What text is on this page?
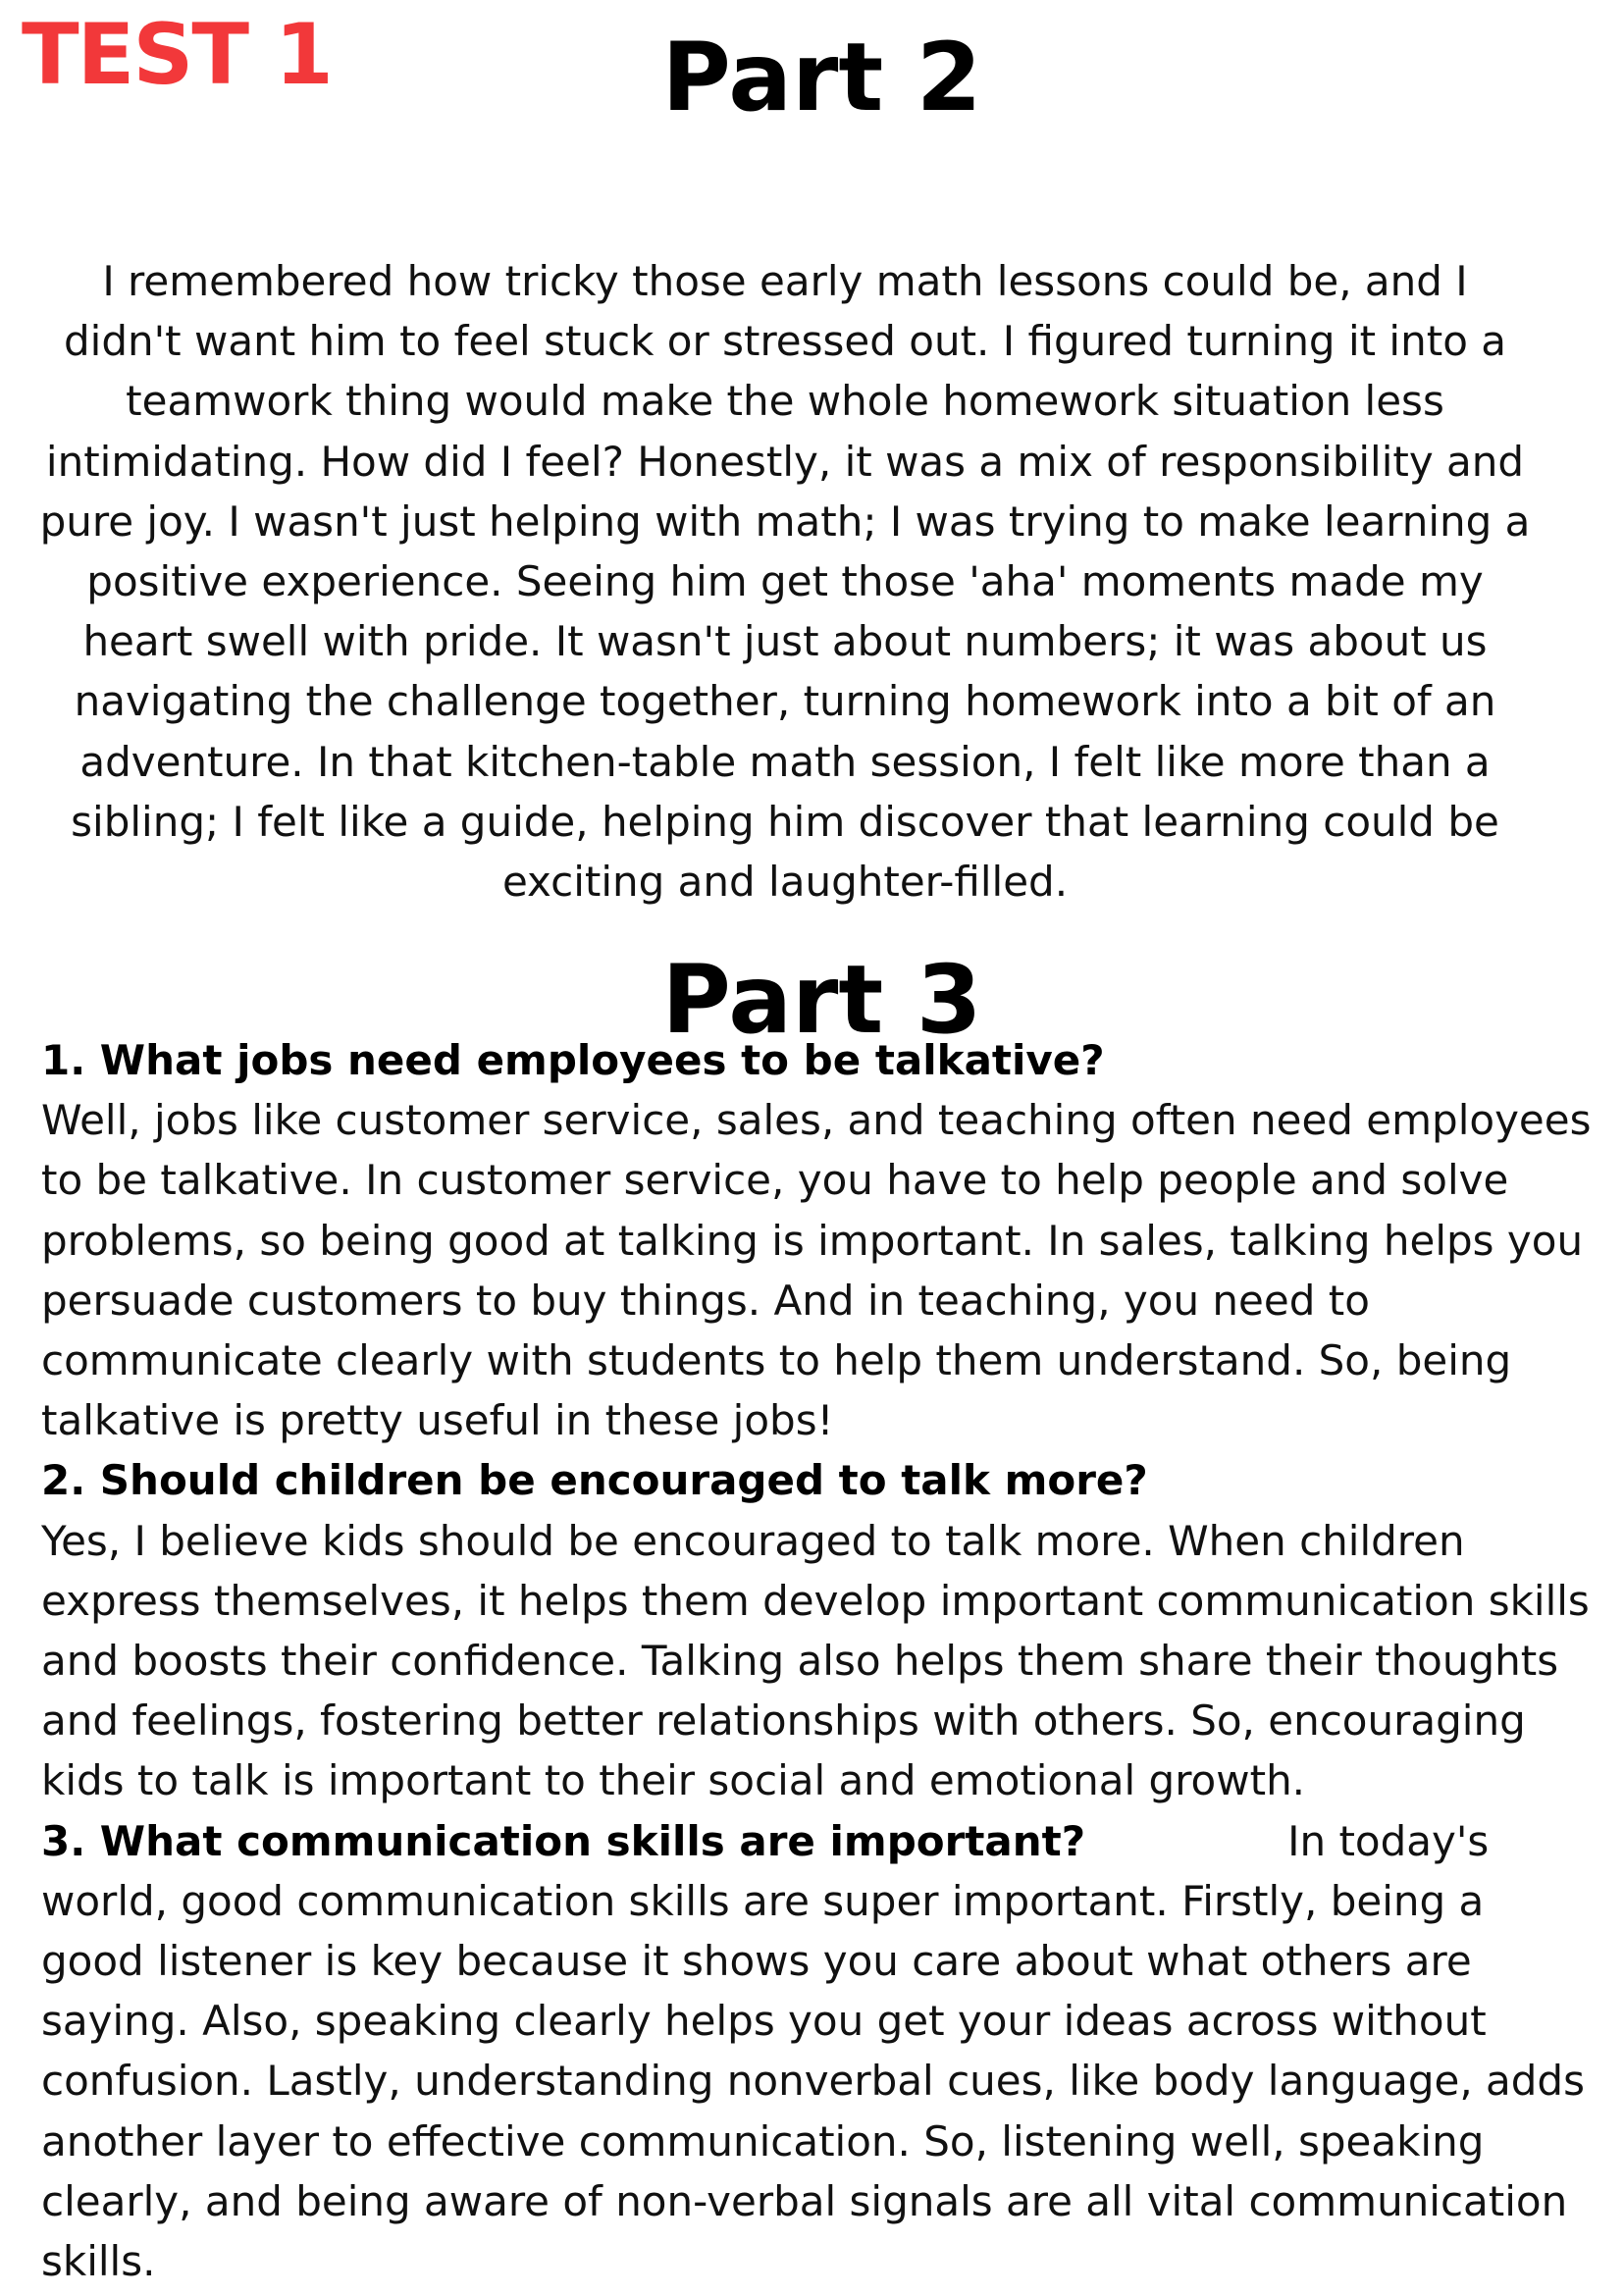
TEST 1	Part 2

I remembered how tricky those early math lessons could be, and I didn't want him to feel stuck or stressed out. I figured turning it into a teamwork thing would make the whole homework situation less intimidating. How did I feel? Honestly, it was a mix of responsibility and pure joy. I wasn't just helping with math; I was trying to make learning a positive experience. Seeing him get those 'aha' moments made my heart swell with pride. It wasn't just about numbers; it was about us navigating the challenge together, turning homework into a bit of an adventure. In that kitchen-table math session, I felt like more than a sibling; I felt like a guide, helping him discover that learning could be exciting and laughter-filled.

Part 3
1. What jobs need employees to be talkative?
Well, jobs like customer service, sales, and teaching often need employees to be talkative. In customer service, you have to help people and solve problems, so being good at talking is important. In sales, talking helps you persuade customers to buy things. And in teaching, you need to communicate clearly with students to help them understand. So, being talkative is pretty useful in these jobs!
2. Should children be encouraged to talk more?
Yes, I believe kids should be encouraged to talk more. When children express themselves, it helps them develop important communication skills and boosts their confidence. Talking also helps them share their thoughts and feelings, fostering better relationships with others. So, encouraging kids to talk is important to their social and emotional growth.
3. What communication skills are important?	In today's world, good communication skills are super important. Firstly, being a good listener is key because it shows you care about what others are saying. Also, speaking clearly helps you get your ideas across without confusion. Lastly, understanding nonverbal cues, like body language, adds another layer to effective communication. So, listening well, speaking clearly, and being aware of non-verbal signals are all vital communication skills.
